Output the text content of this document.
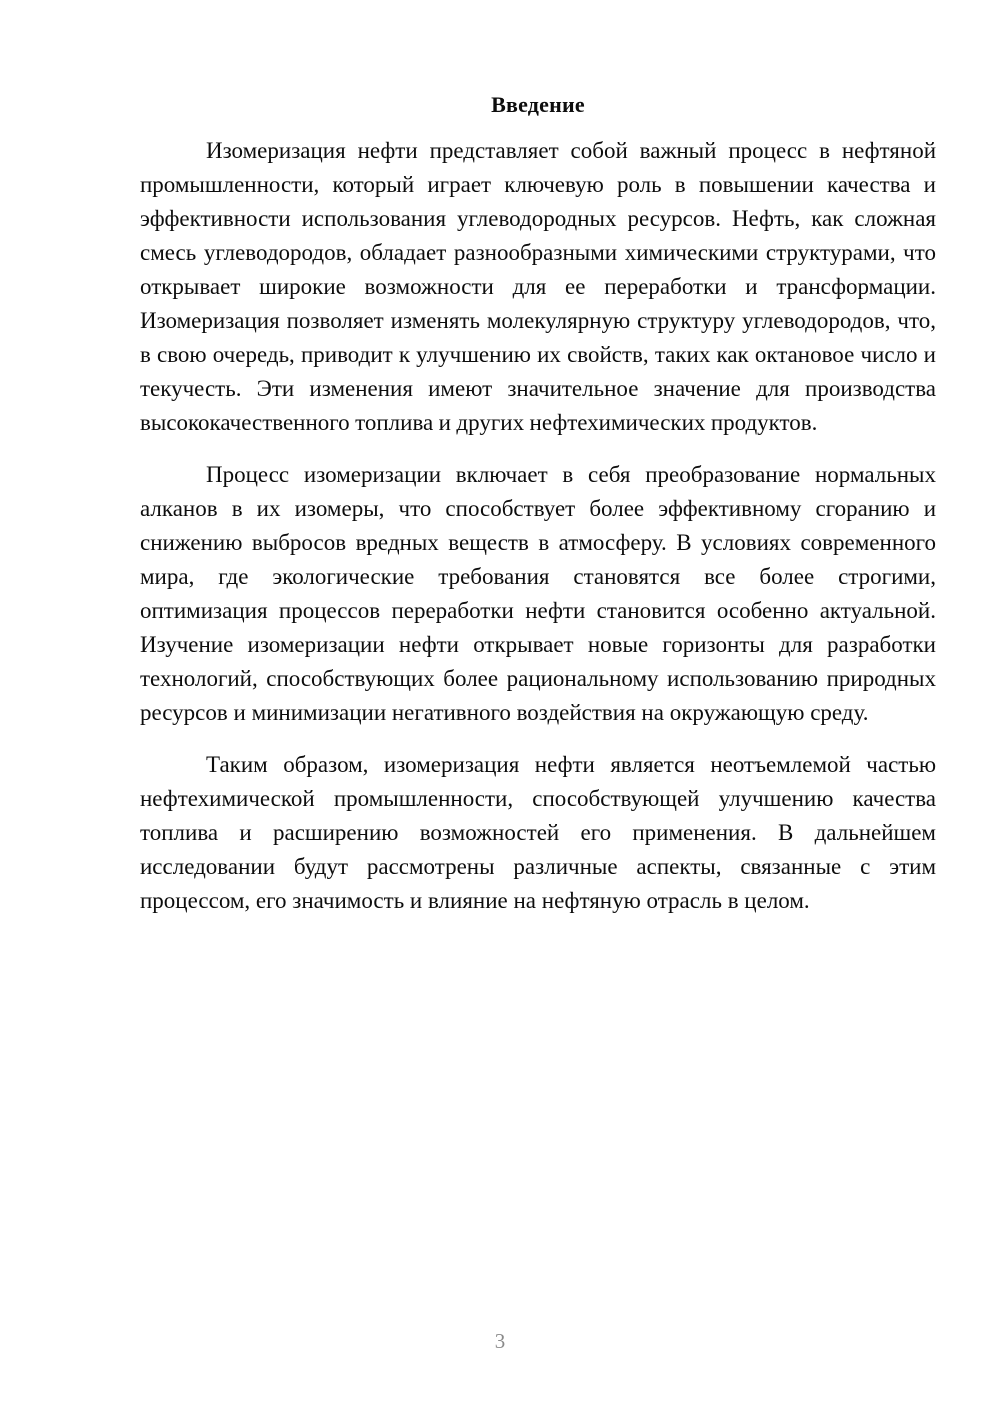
Введение

Изомеризация нефти представляет собой важный процесс в нефтяной промышленности, который играет ключевую роль в повышении качества и эффективности использования углеводородных ресурсов. Нефть, как сложная смесь углеводородов, обладает разнообразными химическими структурами, что открывает широкие возможности для ее переработки и трансформации. Изомеризация позволяет изменять молекулярную структуру углеводородов, что, в свою очередь, приводит к улучшению их свойств, таких как октановое число и текучесть. Эти изменения имеют значительное значение для производства высококачественного топлива и других нефтехимических продуктов.

Процесс изомеризации включает в себя преобразование нормальных алканов в их изомеры, что способствует более эффективному сгоранию и снижению выбросов вредных веществ в атмосферу. В условиях современного мира, где экологические требования становятся все более строгими, оптимизация процессов переработки нефти становится особенно актуальной. Изучение изомеризации нефти открывает новые горизонты для разработки технологий, способствующих более рациональному использованию природных ресурсов и минимизации негативного воздействия на окружающую среду.

Таким образом, изомеризация нефти является неотъемлемой частью нефтехимической промышленности, способствующей улучшению качества топлива и расширению возможностей его применения. В дальнейшем исследовании будут рассмотрены различные аспекты, связанные с этим процессом, его значимость и влияние на нефтяную отрасль в целом.

3
